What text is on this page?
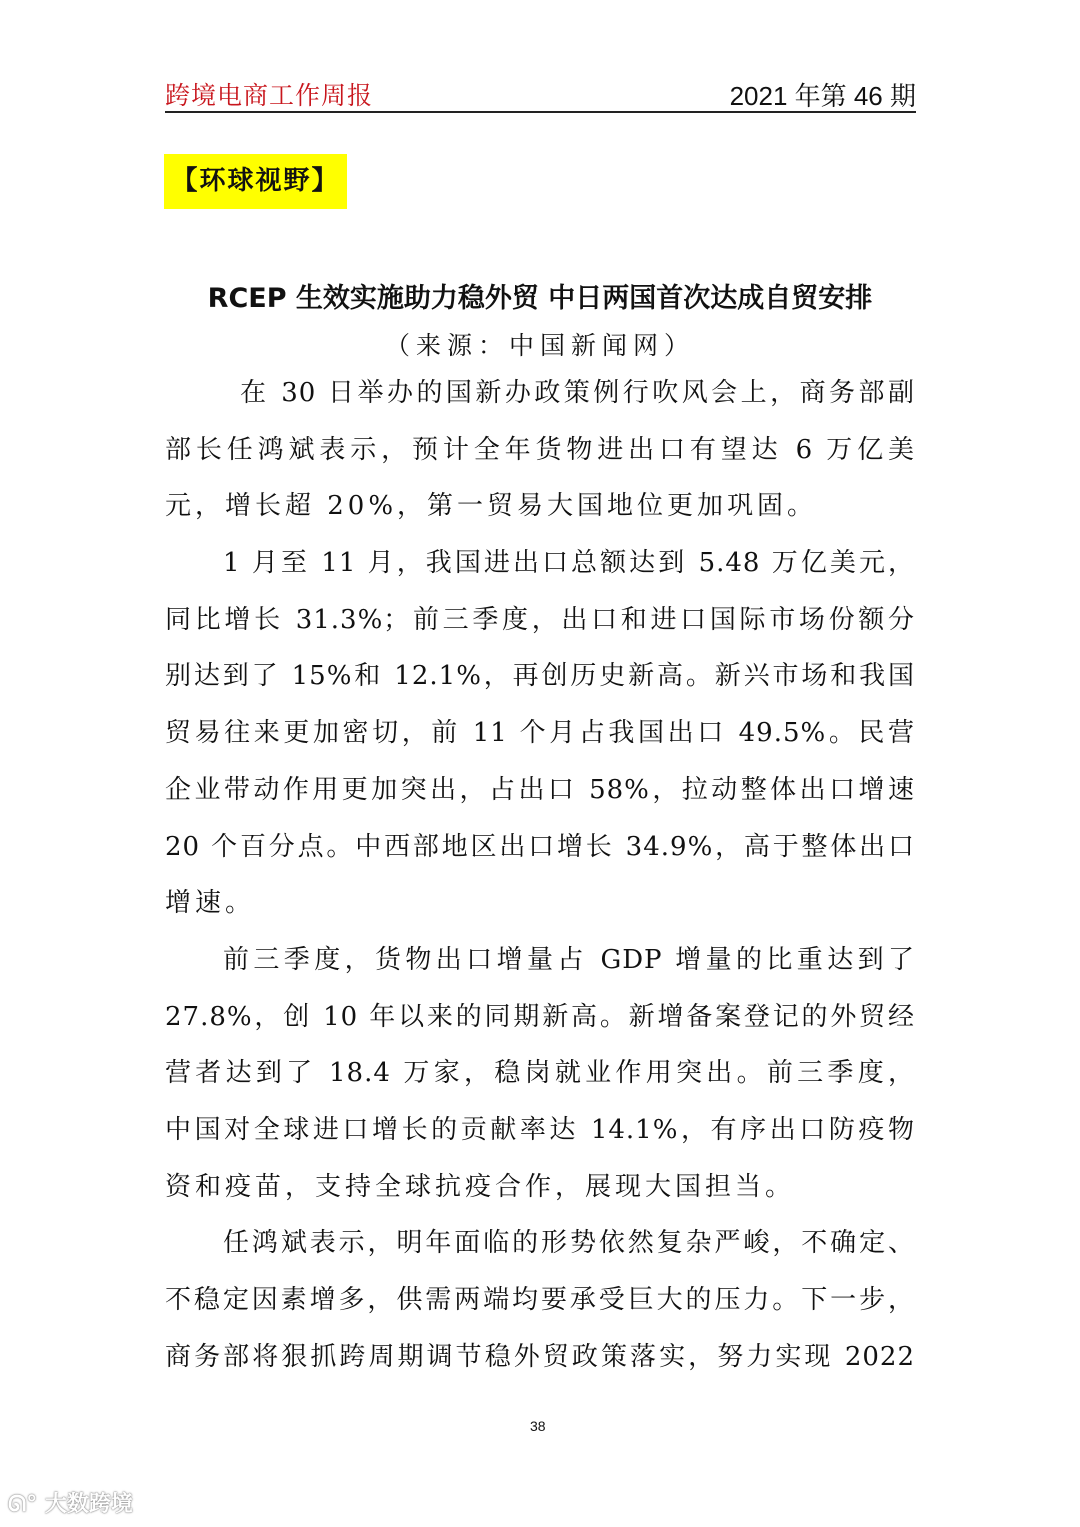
跨境电商工作周报	2021 年第 46 期
【环球视野】
RCEP 生效实施助力稳外贸 中日两国首次达成自贸安排
（来源：中国新闻网）
在 30 日举办的国新办政策例行吹风会上，商务部副
部长任鸿斌表示，预计全年货物进出口有望达 6 万亿美
元，增长超 20%，第一贸易大国地位更加巩固。
1 月至 11 月，我国进出口总额达到 5.48 万亿美元，
同比增长 31.3%；前三季度，出口和进口国际市场份额分
别达到了 15%和 12.1%，再创历史新高。新兴市场和我国
贸易往来更加密切，前 11 个月占我国出口 49.5%。民营
企业带动作用更加突出，占出口 58%，拉动整体出口增速
20 个百分点。中西部地区出口增长 34.9%，高于整体出口
增速。
前三季度，货物出口增量占 GDP 增量的比重达到了
27.8%，创 10 年以来的同期新高。新增备案登记的外贸经
营者达到了 18.4 万家，稳岗就业作用突出。前三季度，
中国对全球进口增长的贡献率达 14.1%，有序出口防疫物
资和疫苗，支持全球抗疫合作，展现大国担当。
任鸿斌表示，明年面临的形势依然复杂严峻，不确定、
不稳定因素增多，供需两端均要承受巨大的压力。下一步，
商务部将狠抓跨周期调节稳外贸政策落实，努力实现 2022
38
ᘏ° 大数跨境
